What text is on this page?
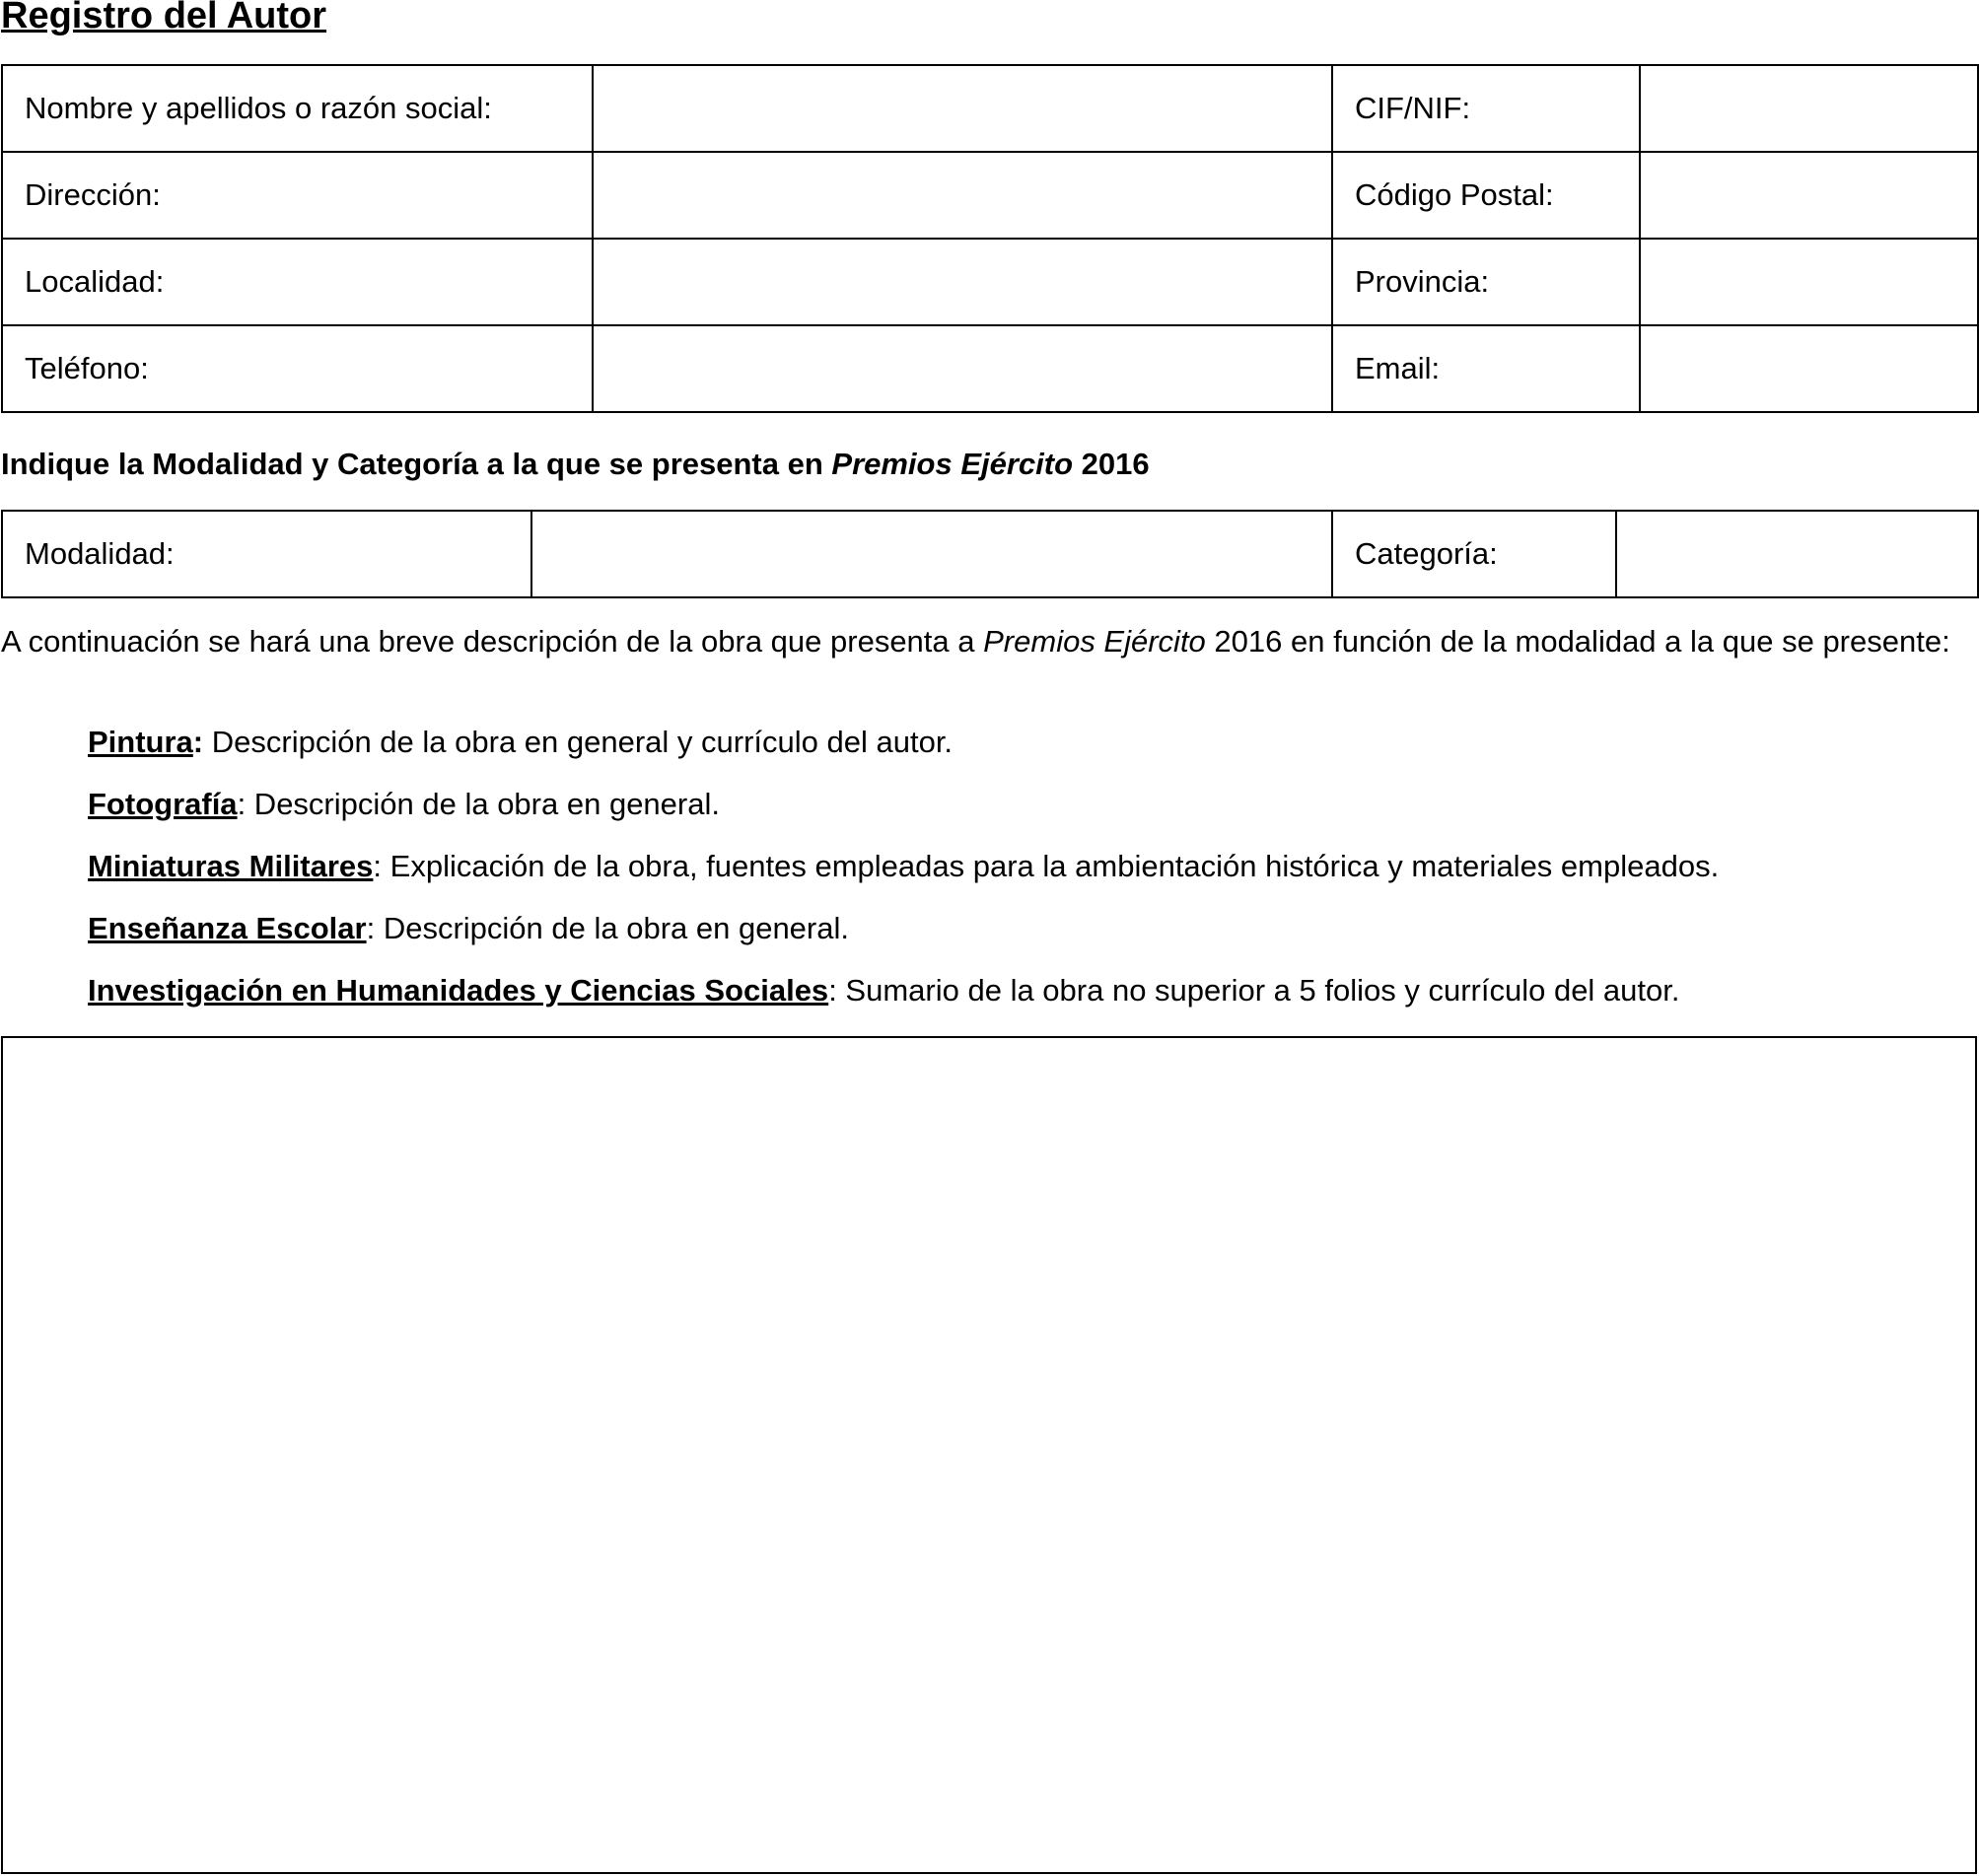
Registro del Autor
Nombre y apellidos o razón social:		CIF/NIF:	

Dirección:		Código Postal:	

Localidad:		Provincia:	

Teléfono:		Email:	

Indique la Modalidad y Categoría a la que se presenta en Premios Ejército 2016

Modalidad:		Categoría:	

A continuación se hará una breve descripción de la obra que presenta a Premios Ejército 2016 en función de la modalidad a la que se presente:

Pintura: Descripción de la obra en general y currículo del autor.
Fotografía: Descripción de la obra en general.
Miniaturas Militares: Explicación de la obra, fuentes empleadas para la ambientación histórica y materiales empleados.
Enseñanza Escolar: Descripción de la obra en general.
Investigación en Humanidades y Ciencias Sociales: Sumario de la obra no superior a 5 folios y currículo del autor.
